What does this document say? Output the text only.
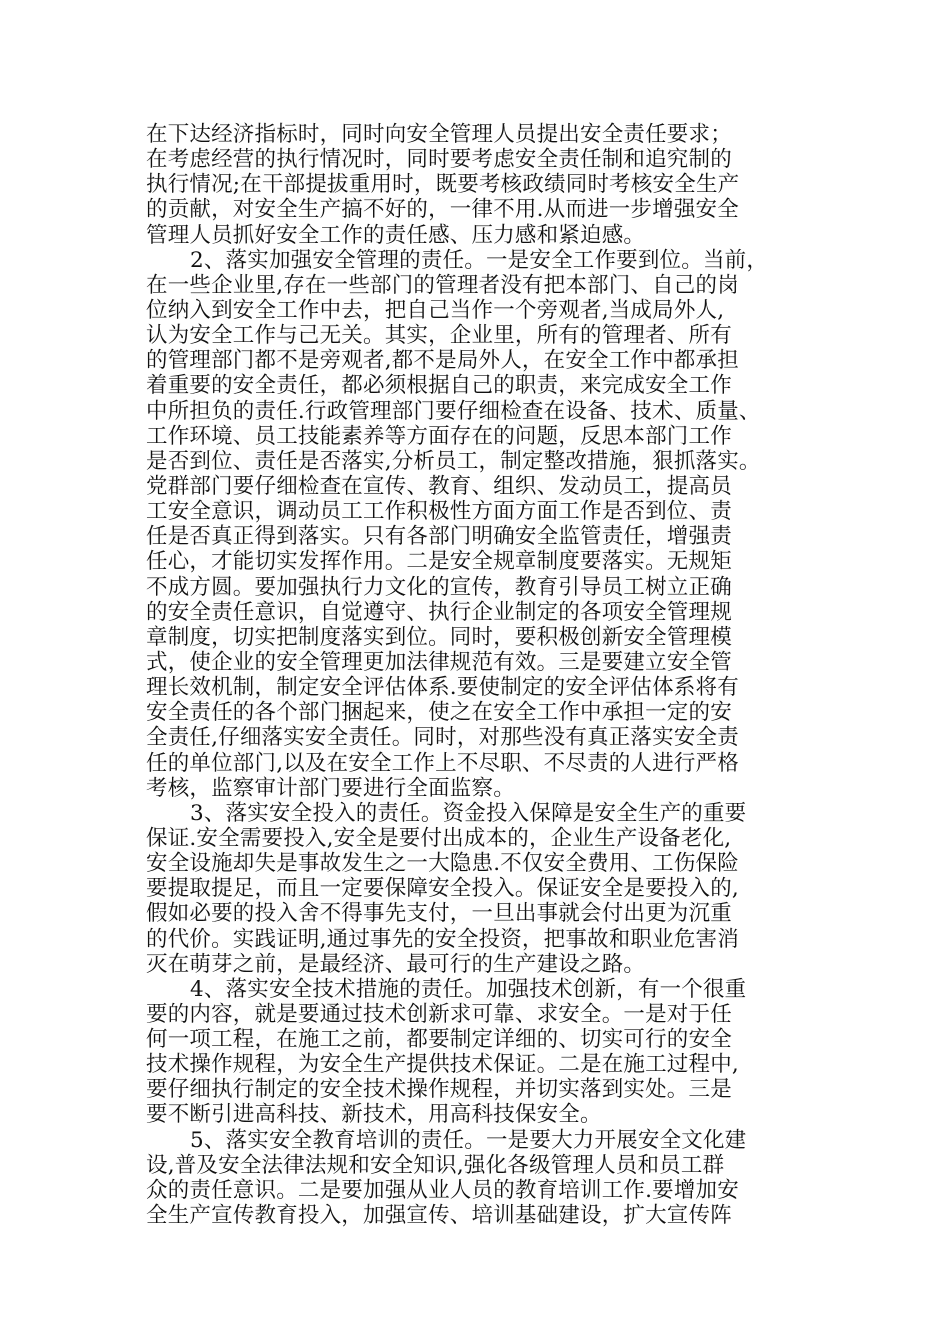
在下达经济指标时，同时向安全管理人员提出安全责任要求；
在考虑经营的执行情况时，同时要考虑安全责任制和追究制的
执行情况;在干部提拔重用时，既要考核政绩同时考核安全生产
的贡献，对安全生产搞不好的，一律不用.从而进一步增强安全
管理人员抓好安全工作的责任感、压力感和紧迫感。
2、落实加强安全管理的责任。一是安全工作要到位。当前，
在一些企业里,存在一些部门的管理者没有把本部门、自己的岗
位纳入到安全工作中去，把自己当作一个旁观者,当成局外人,
认为安全工作与己无关。其实，企业里，所有的管理者、所有
的管理部门都不是旁观者,都不是局外人，在安全工作中都承担
着重要的安全责任，都必须根据自己的职责，来完成安全工作
中所担负的责任.行政管理部门要仔细检查在设备、技术、质量、
工作环境、员工技能素养等方面存在的问题，反思本部门工作
是否到位、责任是否落实,分析员工，制定整改措施，狠抓落实。
党群部门要仔细检查在宣传、教育、组织、发动员工，提高员
工安全意识，调动员工工作积极性方面方面工作是否到位、责
任是否真正得到落实。只有各部门明确安全监管责任，增强责
任心，才能切实发挥作用。二是安全规章制度要落实。无规矩
不成方圆。要加强执行力文化的宣传，教育引导员工树立正确
的安全责任意识，自觉遵守、执行企业制定的各项安全管理规
章制度，切实把制度落实到位。同时，要积极创新安全管理模
式，使企业的安全管理更加法律规范有效。三是要建立安全管
理长效机制，制定安全评估体系.要使制定的安全评估体系将有
安全责任的各个部门捆起来，使之在安全工作中承担一定的安
全责任,仔细落实安全责任。同时，对那些没有真正落实安全责
任的单位部门,以及在安全工作上不尽职、不尽责的人进行严格
考核，监察审计部门要进行全面监察。
3、落实安全投入的责任。资金投入保障是安全生产的重要
保证.安全需要投入,安全是要付出成本的，企业生产设备老化,
安全设施却失是事故发生之一大隐患.不仅安全费用、工伤保险
要提取提足，而且一定要保障安全投入。保证安全是要投入的,
假如必要的投入舍不得事先支付，一旦出事就会付出更为沉重
的代价。实践证明,通过事先的安全投资，把事故和职业危害消
灭在萌芽之前，是最经济、最可行的生产建设之路。
4、落实安全技术措施的责任。加强技术创新，有一个很重
要的内容，就是要通过技术创新求可靠、求安全。一是对于任
何一项工程，在施工之前，都要制定详细的、切实可行的安全
技术操作规程，为安全生产提供技术保证。二是在施工过程中,
要仔细执行制定的安全技术操作规程，并切实落到实处。三是
要不断引进高科技、新技术，用高科技保安全。
5、落实安全教育培训的责任。一是要大力开展安全文化建
设,普及安全法律法规和安全知识,强化各级管理人员和员工群
众的责任意识。二是要加强从业人员的教育培训工作.要增加安
全生产宣传教育投入，加强宣传、培训基础建设，扩大宣传阵
